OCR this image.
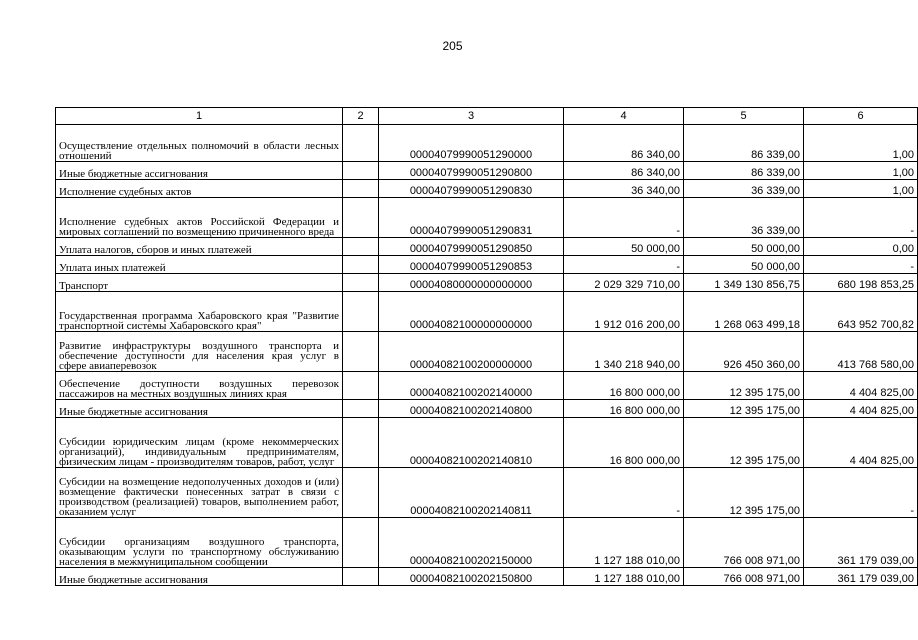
205
1	2	3	4	5	6
Осуществление отдельных полномочий в области лесных отношений		00004079990051290000	86 340,00	86 339,00	1,00
Иные бюджетные ассигнования		00004079990051290800	86 340,00	86 339,00	1,00
Исполнение судебных актов		00004079990051290830	36 340,00	36 339,00	1,00
Исполнение судебных актов Российской Федерации и мировых соглашений по возмещению причиненного вреда		00004079990051290831	-	36 339,00	-
Уплата налогов, сборов и иных платежей		00004079990051290850	50 000,00	50 000,00	0,00
Уплата иных платежей		00004079990051290853	-	50 000,00	-
Транспорт		00004080000000000000	2 029 329 710,00	1 349 130 856,75	680 198 853,25
Государственная программа Хабаровского края "Развитие транспортной системы Хабаровского края"		00004082100000000000	1 912 016 200,00	1 268 063 499,18	643 952 700,82
Развитие инфраструктуры воздушного транспорта и обеспечение доступности для населения края услуг в сфере авиаперевозок		00004082100200000000	1 340 218 940,00	926 450 360,00	413 768 580,00
Обеспечение доступности воздушных перевозок пассажиров на местных воздушных линиях края		00004082100202140000	16 800 000,00	12 395 175,00	4 404 825,00
Иные бюджетные ассигнования		00004082100202140800	16 800 000,00	12 395 175,00	4 404 825,00
Субсидии юридическим лицам (кроме некоммерческих организаций), индивидуальным предпринимателям, физическим лицам - производителям товаров, работ, услуг		00004082100202140810	16 800 000,00	12 395 175,00	4 404 825,00
Субсидии на возмещение недополученных доходов и (или) возмещение фактически понесенных затрат в связи с производством (реализацией) товаров, выполнением работ, оказанием услуг		00004082100202140811	-	12 395 175,00	-
Субсидии организациям воздушного транспорта, оказывающим услуги по транспортному обслуживанию населения в межмуниципальном сообщении		00004082100202150000	1 127 188 010,00	766 008 971,00	361 179 039,00
Иные бюджетные ассигнования		00004082100202150800	1 127 188 010,00	766 008 971,00	361 179 039,00
